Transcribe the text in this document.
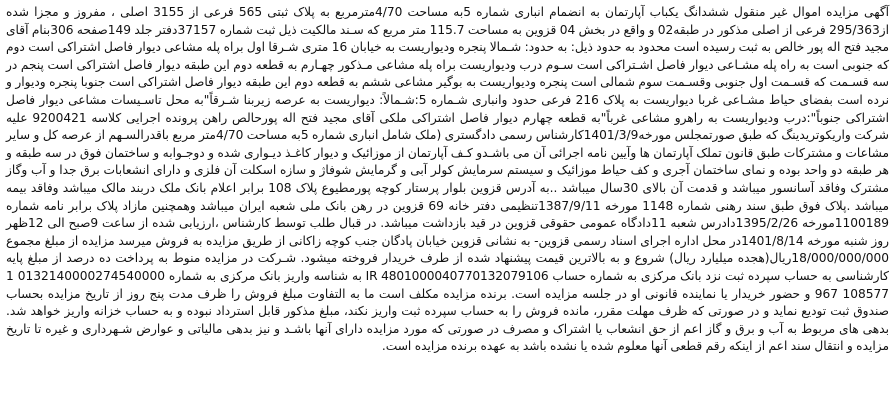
آگهی مزایده اموال غیر منقول ششدانگ یکباب آپارتمان به انضمام انباری شماره 5به مساحت 4/70مترمربع به پلاک ثبتی 565 فرعی از 3155 اصلی ، مفروز و مجزا شده از295/363 فرعی از اصلی مذکور در طبقه02 و واقع در بخش 04 قزوین به مساحت 115.7 متر مربع که سـند مالکیت ذیل ثبت شماره 37157دفتر جلد 149صفحه 306بنام آقای مجید فتح اله پور خالص به ثبت رسیده است محدود به حدود ذیل: به حدود: شـمالا پنجره وديواريست به خیابان 16 متری شـرقا اول براه پله مشاعی دیوار فاصل اشتراکی است دوم که جنوبی است به راه پله مشـاعی دیوار فاصل اشـتراکی است سـوم درب ودیواریست براه پله مشاعی مـذکور چهـارم به قطعه دوم این طبقه دیوار فاصل اشتراکی است پنجم در سه قسـمت که قسـمت اول جنوبی وقسـمت سوم شمالی است پنجره ودیواریست به بوگیر مشاعی ششم به قطعه دوم این طبقه دیوار فاصل اشتراکی است جنوبا پنجره ودیوار و نرده است بفضای حیاط مشـاعی غربا دیواریست به پلاک 216 فرعی حدود وانباری شـماره 5:شـمالاً: ديواريست به عرصه زیربنا شـرقاً"به محل تاسـیسات مشاعی دیوار فاصل اشتراکی جنوباً":درب ودیواریست به راهرو مشاعی غرباً"به قطعه چهارم دیوار فاصل اشتراکی ملکی آقای مجید فتح اله پورحالص راهن پرونده اجرایی کلاسه 9200421 علیه شرکت واریکوتریدینگ که طبق صورتمجلس مورخه1401/3/9کارشناس رسمی دادگستری (ملک شامل انباری شماره 5به مساحت 4/70متر مربع باقدرالسـهم از عرصه کل و سایر مشاعات و مشترکات طبق قانون تملک آپارتمان ها وآیین نامه اجرائی آن می باشـدو کـف آپارتمان از موزائیک و دیوار کاغـذ دیـواری شده و دوجـوابه و ساختمان فوق در سه طبقه و هر طبقه دو واحد بوده و نمای ساختمان آجری و کف حیاط موزائیک و سیستم سرمایش کولر آبی و گرمایش شوفاژ و سازه اسکلت آن فلزی و دارای انشعابات برق جدا و آب وگاز مشترک وفاقد آسانسور میباشد و قدمت آن بالای 30سال میباشد ..به آدرس قزوین بلوار پرستار کوچه پورمطیوع پلاک 108 برابر اعلام بانک ملک دربند مالک میباشد وفاقد بیمه میباشد .پلاک فوق طبق سند رهنی شماره 1148 مورخه 1387/9/11تنظیمی دفتر خانه 69 قزوین در رهن بانک ملی شعبه ایران میباشد وهمچنین مازاد پلاک برابر نامه شماره 1100189مورخه 1395/2/26دادرس شعبه 11دادگاه عمومی حقوقی قزوین در قید بازداشت میباشد. در قبال طلب توسط کارشناس ،ارزیابی شده از ساعت 9صبح الی 12ظهر روز شنبه مورخه 1401/8/14در محل اداره اجرای اسناد رسمی قزوین- به نشانی قزوین خیابان پادگان جنب کوچه زاکانی از طریق مزایده به فروش میرسد مزایده از مبلغ مجموع 18/000/000/000ریال(هجده میلیارد ریال) شروع و به بالاترین قیمت پیشنهاد شده از طرف خریدار فروخته میشود. شـرکت در مزایده منوط به پرداخت ده درصد از مبلغ پایه کارشناسی به حساب سپرده ثبت نزد بانک مرکزی به شماره حساب IR 4801000040770132079106 به شناسه واریز بانک مرکزی به شماره 0132140000274540000 1 108577 967 و حضور خریدار یا نماینده قانونی او در جلسه مزایده است. برنده مزایده مکلف است ما به التفاوت مبلغ فروش را ظرف مدت پنج روز از تاریخ مزایده بحساب صندوق ثبت تودیع نماید و در صورتی که ظرف مهلت مقرر، مانده فروش را به حساب سپرده ثبت واریز نکند، مبلغ مذکور قابل استرداد نبوده و به حساب خزانه واریز خواهد شد. بدهی های مربوط به آب و برق و گاز اعم از حق انشعاب یا اشتراک و مصرف در صورتی که مورد مزایده دارای آنها باشـد و نیز بدهی مالیاتی و عوارض شـهرداری و غیره تا تاریخ مزایده و انتقال سند اعم از اینکه رقم قطعی آنها معلوم شده یا نشده باشد به عهده برنده مزایده است.
